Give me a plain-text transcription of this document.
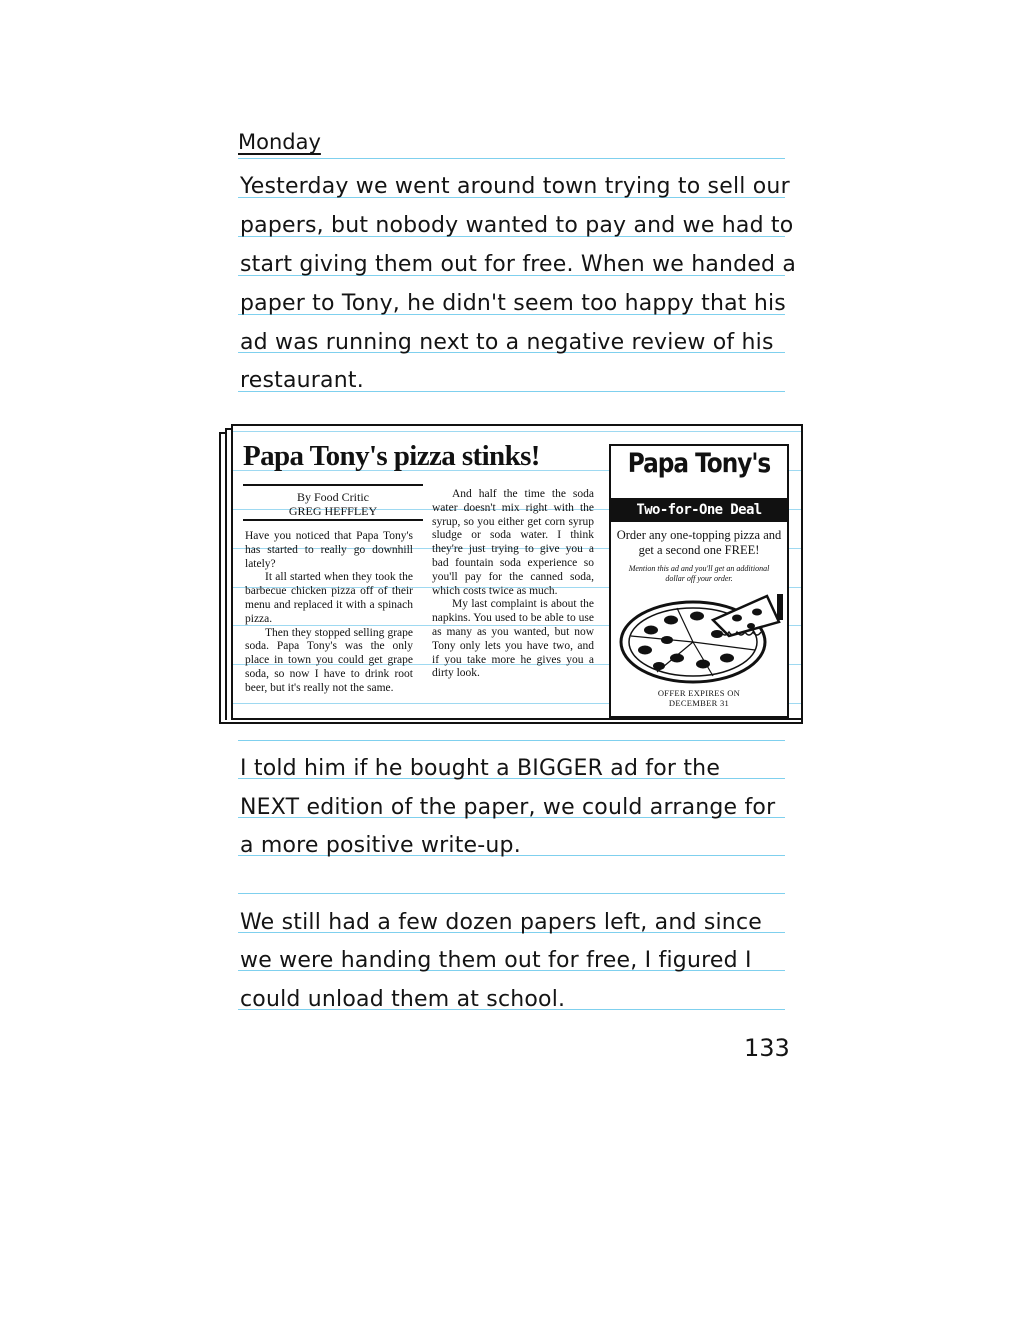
Monday
Yesterday we went around town trying to sell our
papers, but nobody wanted to pay and we had to
start giving them out for free. When we handed a
paper to Tony, he didn't seem too happy that his
ad was running next to a negative review of his
restaurant.
Papa Tony's pizza stinks!
By Food Critic
GREG HEFFLEY

Have you noticed that Papa Tony's has started to really go downhill lately?

It all started when they took the barbecue chicken pizza off of their menu and replaced it with a spinach pizza.

Then they stopped selling grape soda. Papa Tony's was the only place in town you could get grape soda, so now I have to drink root beer, but it's really not the same.

And half the time the soda water doesn't mix right with the syrup, so you either get corn syrup sludge or soda water. I think they're just trying to give you a bad fountain soda experience so you'll pay for the canned soda, which costs twice as much.

My last complaint is about the napkins. You used to be able to use as many as you wanted, but now Tony only lets you have two, and if you take more he gives you a dirty look.

Papa Tony's
Two-for-One Deal
Order any one-topping pizza and get a second one FREE!
Mention this ad and you'll get an additional dollar off your order.
OFFER EXPIRES ON
DECEMBER 31
I told him if he bought a BIGGER ad for the
NEXT edition of the paper, we could arrange for
a more positive write-up.
We still had a few dozen papers left, and since
we were handing them out for free, I figured I
could unload them at school.
133
